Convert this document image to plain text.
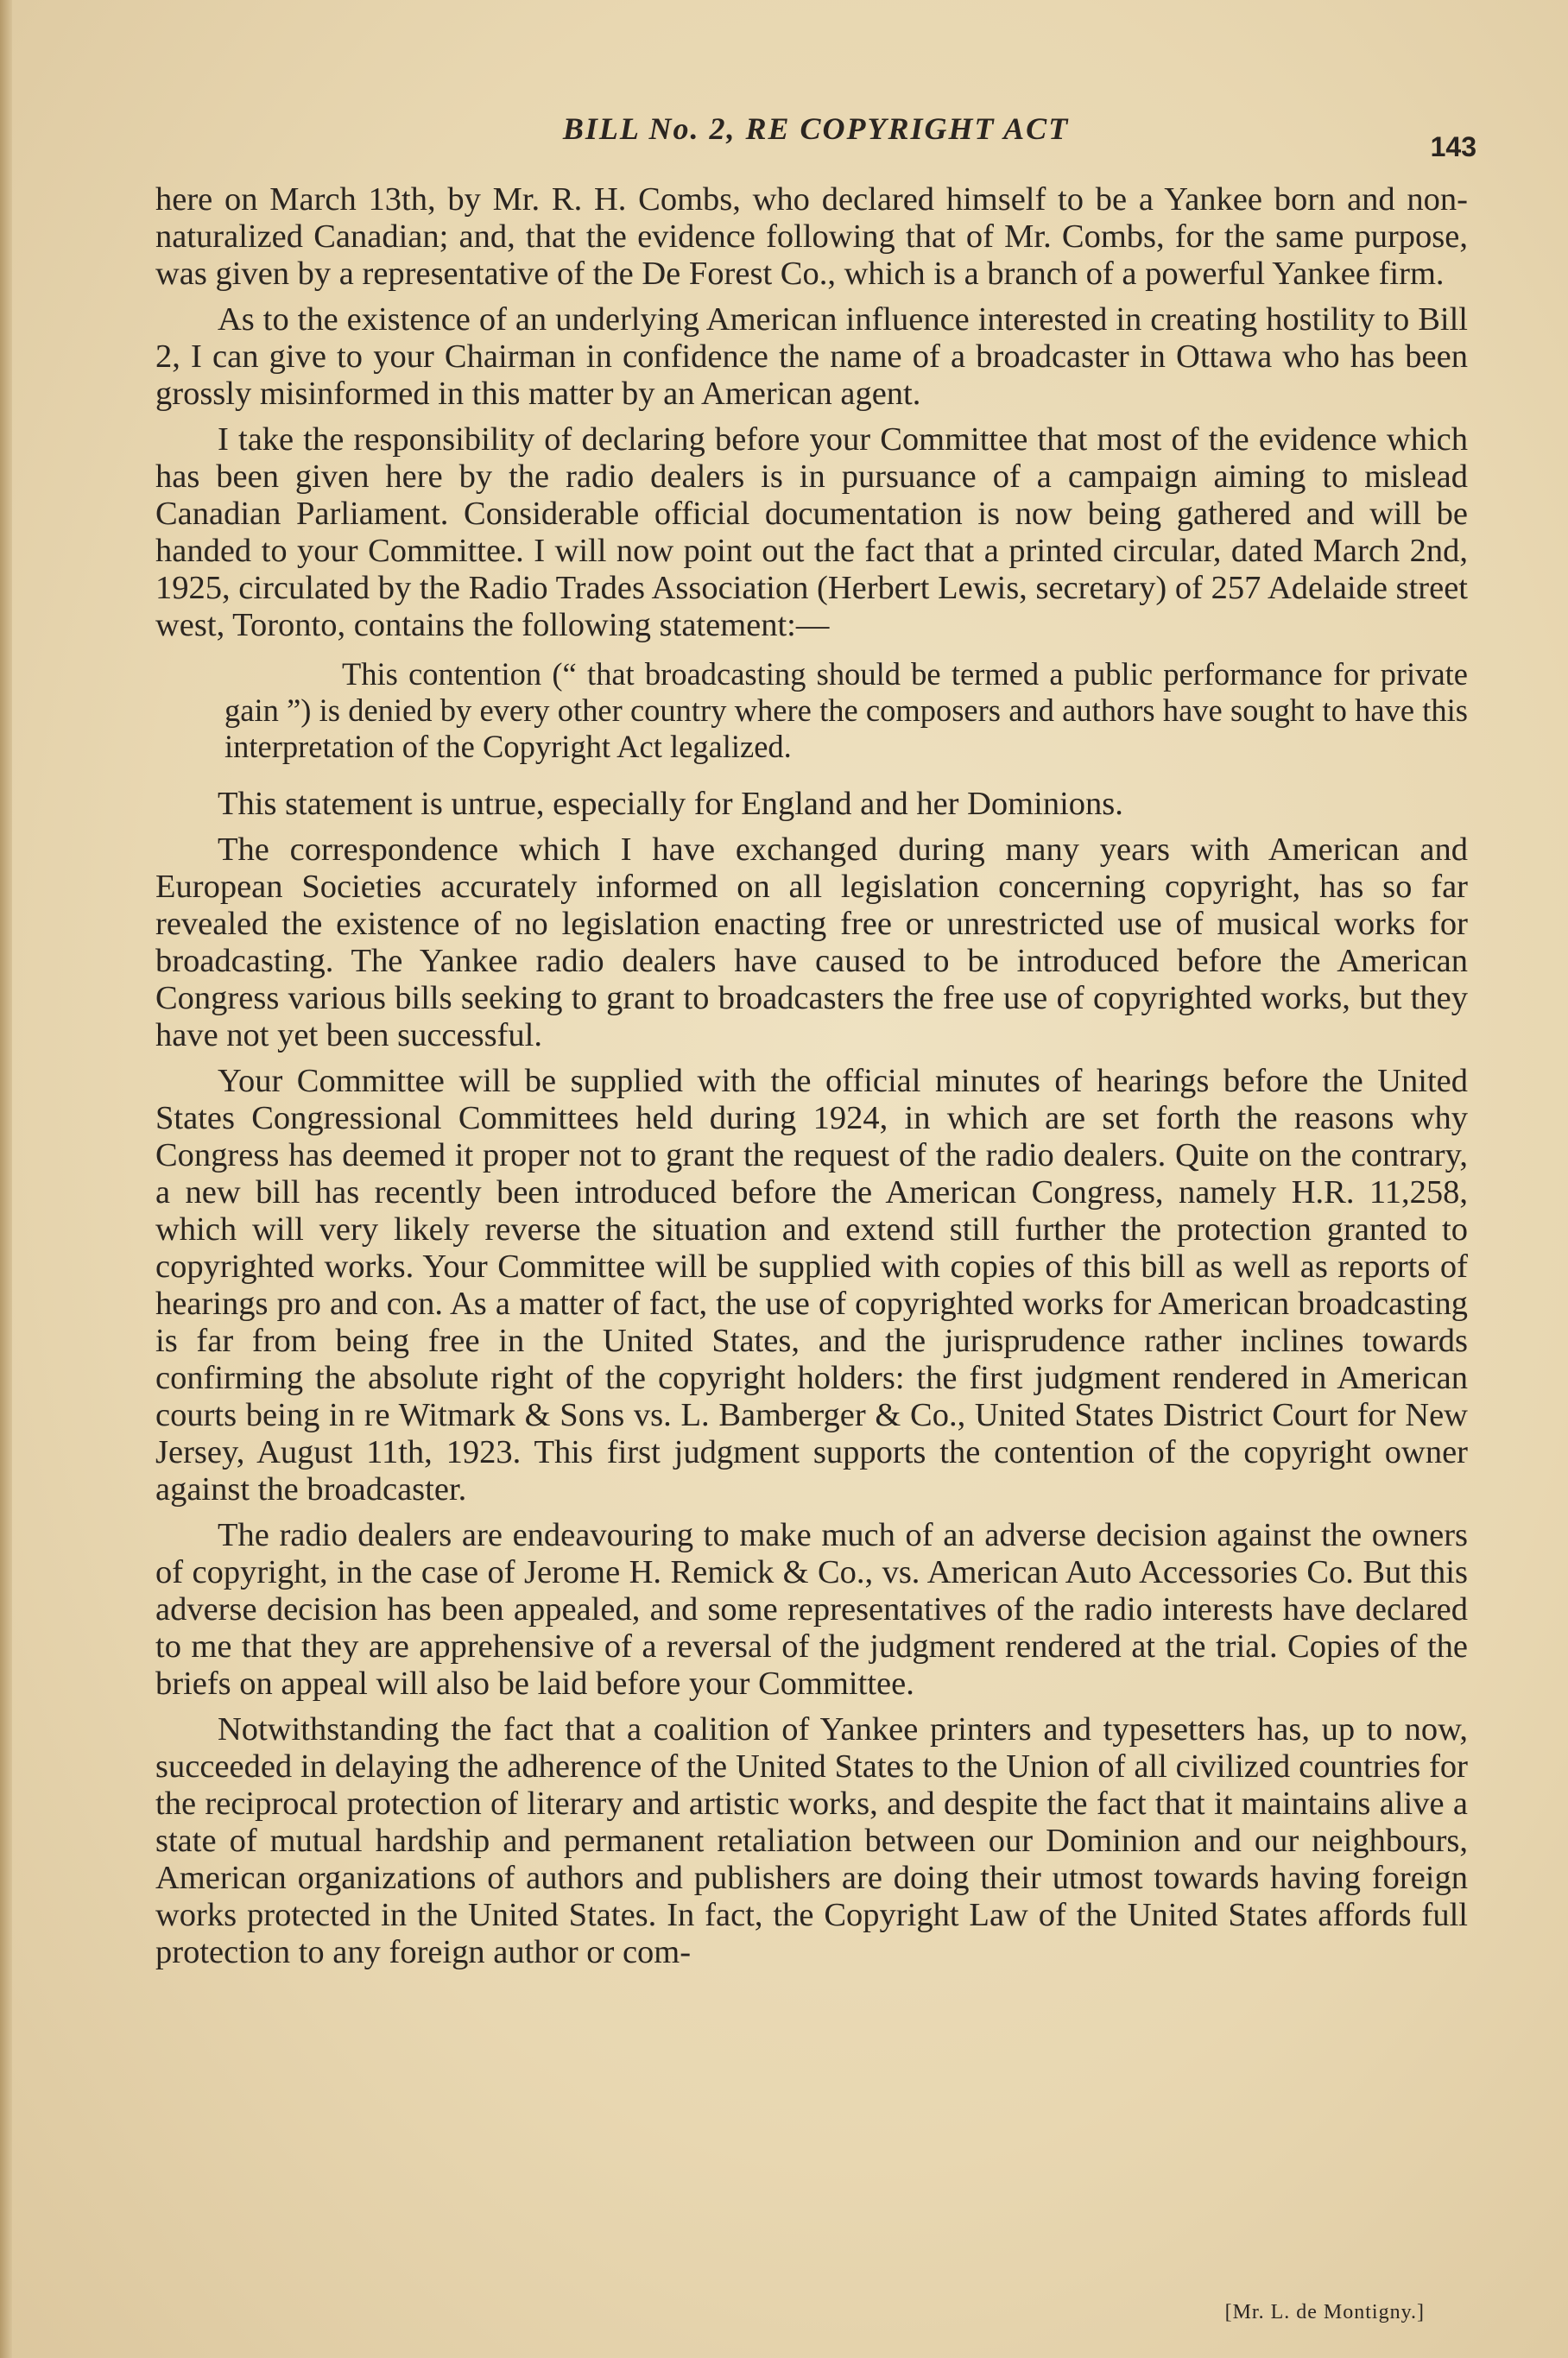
BILL No. 2, RE COPYRIGHT ACT
143

here on March 13th, by Mr. R. H. Combs, who declared himself to be a Yankee born and non-naturalized Canadian; and, that the evidence following that of Mr. Combs, for the same purpose, was given by a representative of the De Forest Co., which is a branch of a powerful Yankee firm.

As to the existence of an underlying American influence interested in creating hostility to Bill 2, I can give to your Chairman in confidence the name of a broadcaster in Ottawa who has been grossly misinformed in this matter by an American agent.

I take the responsibility of declaring before your Committee that most of the evidence which has been given here by the radio dealers is in pursuance of a campaign aiming to mislead Canadian Parliament. Considerable official documentation is now being gathered and will be handed to your Committee. I will now point out the fact that a printed circular, dated March 2nd, 1925, circulated by the Radio Trades Association (Herbert Lewis, secretary) of 257 Adelaide street west, Toronto, contains the following statement:—

This contention (“ that broadcasting should be termed a public performance for private gain ”) is denied by every other country where the composers and authors have sought to have this interpretation of the Copyright Act legalized.

This statement is untrue, especially for England and her Dominions.

The correspondence which I have exchanged during many years with American and European Societies accurately informed on all legislation concerning copyright, has so far revealed the existence of no legislation enacting free or unrestricted use of musical works for broadcasting. The Yankee radio dealers have caused to be introduced before the American Congress various bills seeking to grant to broadcasters the free use of copyrighted works, but they have not yet been successful.

Your Committee will be supplied with the official minutes of hearings before the United States Congressional Committees held during 1924, in which are set forth the reasons why Congress has deemed it proper not to grant the request of the radio dealers. Quite on the contrary, a new bill has recently been introduced before the American Congress, namely H.R. 11,258, which will very likely reverse the situation and extend still further the protection granted to copyrighted works. Your Committee will be supplied with copies of this bill as well as reports of hearings pro and con. As a matter of fact, the use of copyrighted works for American broadcasting is far from being free in the United States, and the jurisprudence rather inclines towards confirming the absolute right of the copyright holders: the first judgment rendered in American courts being in re Witmark & Sons vs. L. Bamberger & Co., United States District Court for New Jersey, August 11th, 1923. This first judgment supports the contention of the copyright owner against the broadcaster.

The radio dealers are endeavouring to make much of an adverse decision against the owners of copyright, in the case of Jerome H. Remick & Co., vs. American Auto Accessories Co. But this adverse decision has been appealed, and some representatives of the radio interests have declared to me that they are apprehensive of a reversal of the judgment rendered at the trial. Copies of the briefs on appeal will also be laid before your Committee.

Notwithstanding the fact that a coalition of Yankee printers and typesetters has, up to now, succeeded in delaying the adherence of the United States to the Union of all civilized countries for the reciprocal protection of literary and artistic works, and despite the fact that it maintains alive a state of mutual hardship and permanent retaliation between our Dominion and our neighbours, American organizations of authors and publishers are doing their utmost towards having foreign works protected in the United States. In fact, the Copyright Law of the United States affords full protection to any foreign author or com-

[Mr. L. de Montigny.]
